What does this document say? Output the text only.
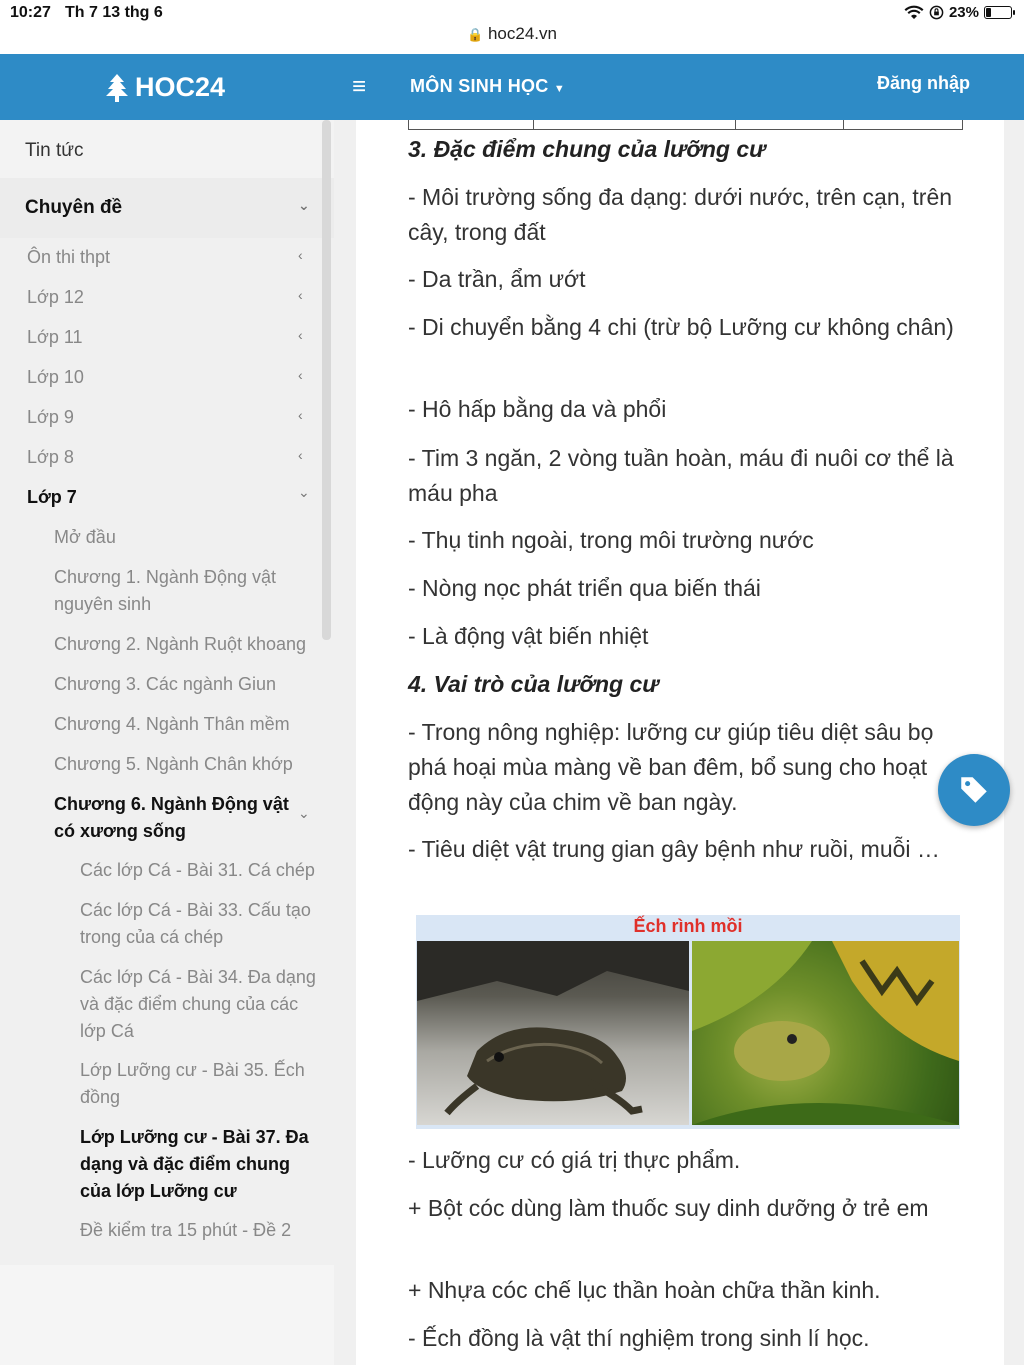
10:27 Th 7 13 thg 6	23%
🔒 hoc24.vn
HOC24	≡ MÔN SINH HỌC ▼	Đăng nhập
Tin tức
Chuyên đề	⌄
Ôn thi thpt	‹
Lớp 12	‹
Lớp 11	‹
Lớp 10	‹
Lớp 9	‹
Lớp 8	‹
Lớp 7	⌄
Mở đầu
Chương 1. Ngành Động vật nguyên sinh
Chương 2. Ngành Ruột khoang
Chương 3. Các ngành Giun
Chương 4. Ngành Thân mềm
Chương 5. Ngành Chân khớp
Chương 6. Ngành Động vật có xương sống
⌄
Các lớp Cá - Bài 31. Cá chép
Các lớp Cá - Bài 33. Cấu tạo trong của cá chép
Các lớp Cá - Bài 34. Đa dạng và đặc điểm chung của các lớp Cá
Lớp Lưỡng cư - Bài 35. Ếch đồng
Lớp Lưỡng cư - Bài 37. Đa dạng và đặc điểm chung của lớp Lưỡng cư
Đề kiểm tra 15 phút - Đề 2
3. Đặc điểm chung của lưỡng cư
- Môi trường sống đa dạng: dưới nước, trên cạn, trên cây, trong đất
- Da trần, ẩm ướt
- Di chuyển bằng 4 chi (trừ bộ Lưỡng cư không chân)
- Hô hấp bằng da và phổi
- Tim 3 ngăn, 2 vòng tuần hoàn, máu đi nuôi cơ thể là máu pha
- Thụ tinh ngoài, trong môi trường nước
- Nòng nọc phát triển qua biến thái
- Là động vật biến nhiệt
4. Vai trò của lưỡng cư
- Trong nông nghiệp: lưỡng cư giúp tiêu diệt sâu bọ phá hoại mùa màng về ban đêm, bổ sung cho hoạt động này của chim về ban ngày.
- Tiêu diệt vật trung gian gây bệnh như ruồi, muỗi …
Ếch rình mồi
- Lưỡng cư có giá trị thực phẩm.
+ Bột cóc dùng làm thuốc suy dinh dưỡng ở trẻ em
+ Nhựa cóc chế lục thần hoàn chữa thần kinh.
- Ếch đồng là vật thí nghiệm trong sinh lí học.
